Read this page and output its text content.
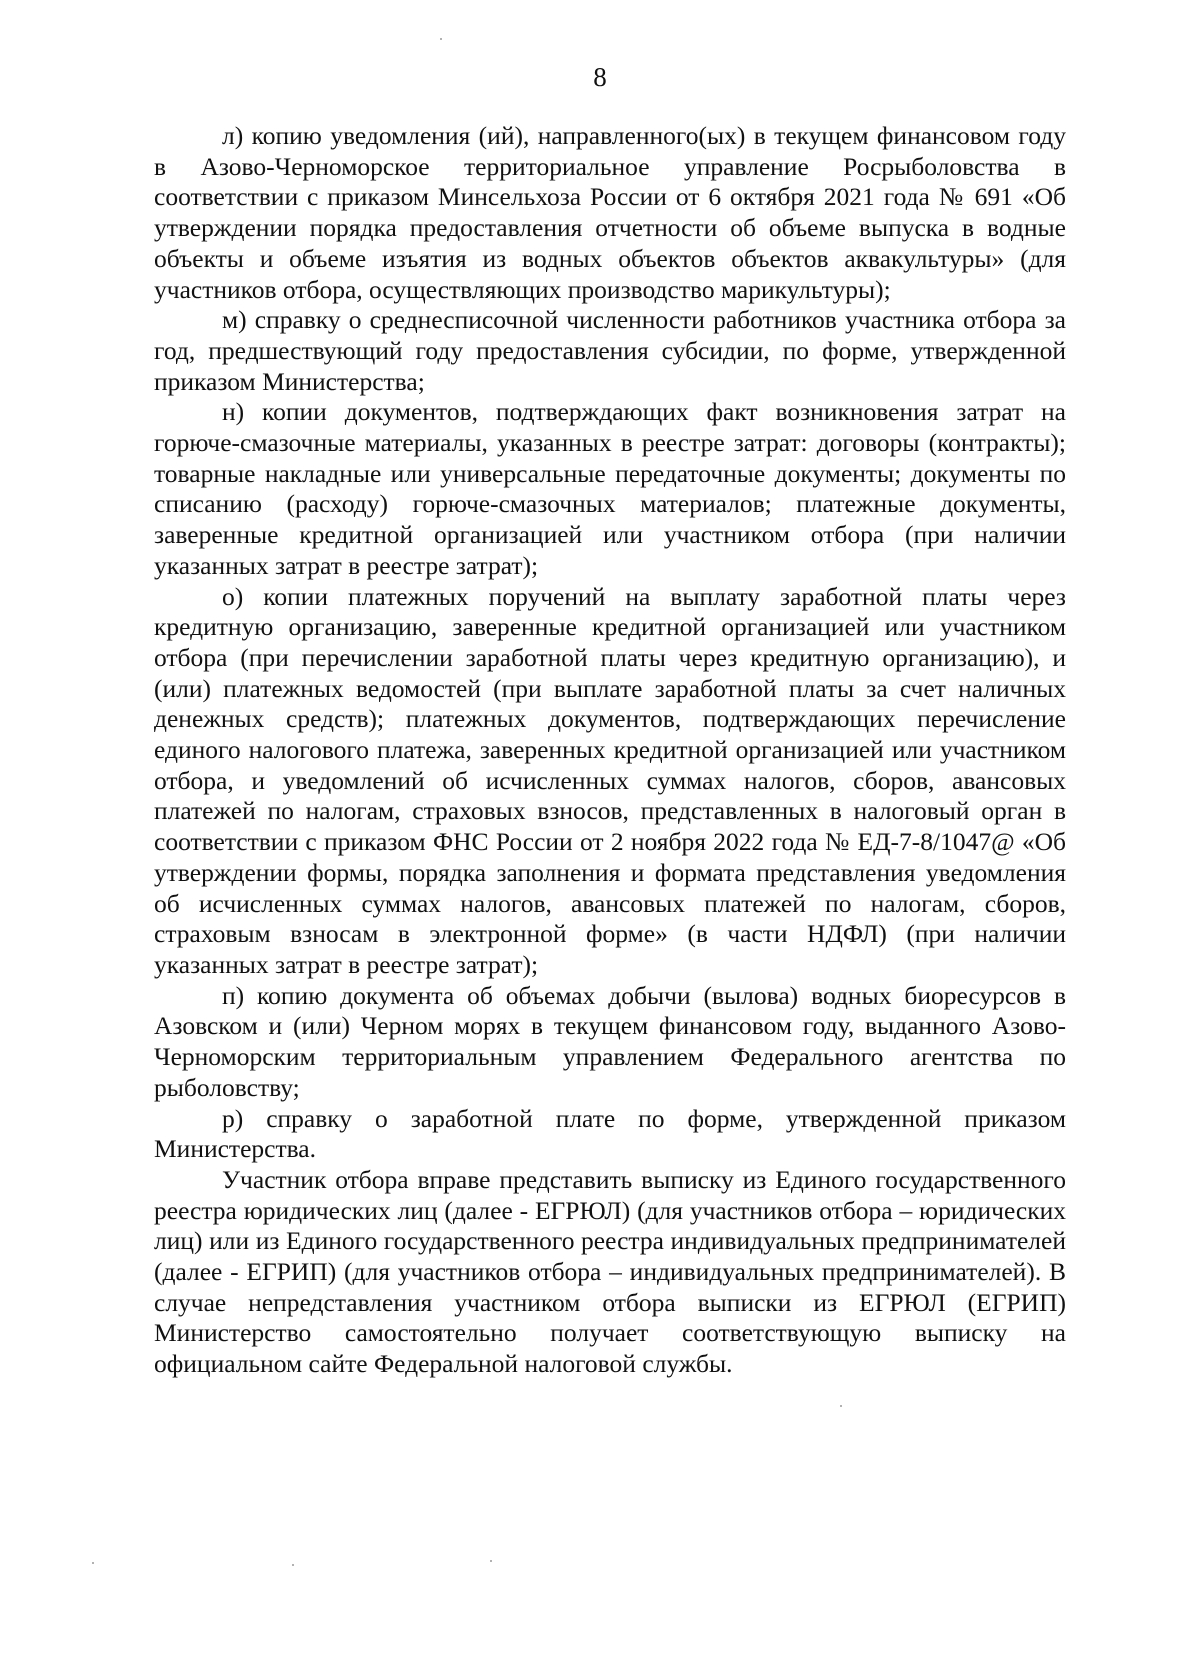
8

л) копию уведомления (ий), направленного(ых) в текущем финансовом году в Азово-Черноморское территориальное управление Росрыболовства в соответствии с приказом Минсельхоза России от 6 октября 2021 года № 691 «Об утверждении порядка предоставления отчетности об объеме выпуска в водные объекты и объеме изъятия из водных объектов объектов аквакультуры» (для участников отбора, осуществляющих производство марикультуры);

м) справку о среднесписочной численности работников участника отбора за год, предшествующий году предоставления субсидии, по форме, утвержденной приказом Министерства;

н) копии документов, подтверждающих факт возникновения затрат на горюче-смазочные материалы, указанных в реестре затрат: договоры (контракты); товарные накладные или универсальные передаточные документы; документы по списанию (расходу) горюче-смазочных материалов; платежные документы, заверенные кредитной организацией или участником отбора (при наличии указанных затрат в реестре затрат);

о) копии платежных поручений на выплату заработной платы через кредитную организацию, заверенные кредитной организацией или участником отбора (при перечислении заработной платы через кредитную организацию), и (или) платежных ведомостей (при выплате заработной платы за счет наличных денежных средств); платежных документов, подтверждающих перечисление единого налогового платежа, заверенных кредитной организацией или участником отбора, и уведомлений об исчисленных суммах налогов, сборов, авансовых платежей по налогам, страховых взносов, представленных в налоговый орган в соответствии с приказом ФНС России от 2 ноября 2022 года № ЕД-7-8/1047@ «Об утверждении формы, порядка заполнения и формата представления уведомления об исчисленных суммах налогов, авансовых платежей по налогам, сборов, страховым взносам в электронной форме» (в части НДФЛ) (при наличии указанных затрат в реестре затрат);

п) копию документа об объемах добычи (вылова) водных биоресурсов в Азовском и (или) Черном морях в текущем финансовом году, выданного Азово-Черноморским территориальным управлением Федерального агентства по рыболовству;

р) справку о заработной плате по форме, утвержденной приказом Министерства.

Участник отбора вправе представить выписку из Единого государственного реестра юридических лиц (далее - ЕГРЮЛ) (для участников отбора – юридических лиц) или из Единого государственного реестра индивидуальных предпринимателей (далее - ЕГРИП) (для участников отбора – индивидуальных предпринимателей). В случае непредставления участником отбора выписки из ЕГРЮЛ (ЕГРИП) Министерство самостоятельно получает соответствующую выписку на официальном сайте Федеральной налоговой службы.
